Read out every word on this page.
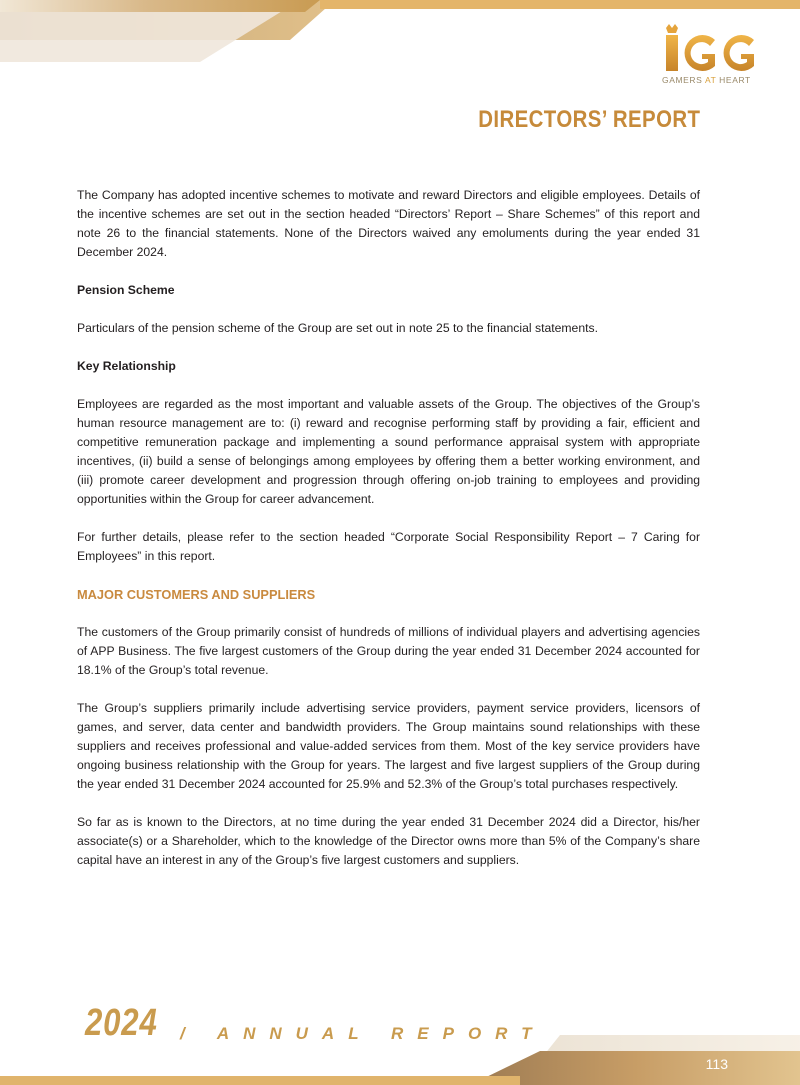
IGG
GAMERS AT HEART
DIRECTORS’ REPORT

The Company has adopted incentive schemes to motivate and reward Directors and eligible employees. Details of the incentive schemes are set out in the section headed “Directors’ Report – Share Schemes” of this report and note 26 to the financial statements. None of the Directors waived any emoluments during the year ended 31 December 2024.

Pension Scheme

Particulars of the pension scheme of the Group are set out in note 25 to the financial statements.

Key Relationship

Employees are regarded as the most important and valuable assets of the Group. The objectives of the Group’s human resource management are to: (i) reward and recognise performing staff by providing a fair, efficient and competitive remuneration package and implementing a sound performance appraisal system with appropriate incentives, (ii) build a sense of belongings among employees by offering them a better working environment, and (iii) promote career development and progression through offering on-job training to employees and providing opportunities within the Group for career advancement.

For further details, please refer to the section headed “Corporate Social Responsibility Report – 7 Caring for Employees” in this report.

MAJOR CUSTOMERS AND SUPPLIERS

The customers of the Group primarily consist of hundreds of millions of individual players and advertising agencies of APP Business. The five largest customers of the Group during the year ended 31 December 2024 accounted for 18.1% of the Group’s total revenue.

The Group’s suppliers primarily include advertising service providers, payment service providers, licensors of games, and server, data center and bandwidth providers. The Group maintains sound relationships with these suppliers and receives professional and value-added services from them. Most of the key service providers have ongoing business relationship with the Group for years. The largest and five largest suppliers of the Group during the year ended 31 December 2024 accounted for 25.9% and 52.3% of the Group’s total purchases respectively.

So far as is known to the Directors, at no time during the year ended 31 December 2024 did a Director, his/her associate(s) or a Shareholder, which to the knowledge of the Director owns more than 5% of the Company’s share capital have an interest in any of the Group’s five largest customers and suppliers.

2024 / ANNUAL REPORT
113
